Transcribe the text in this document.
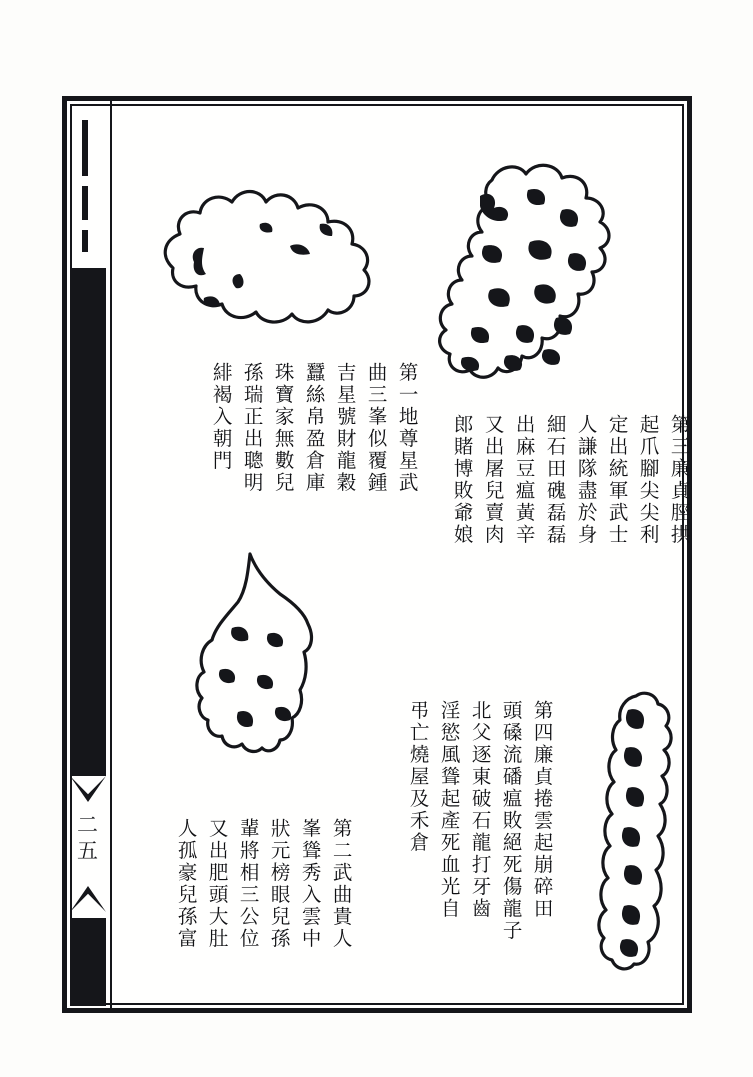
二五
第三廉貞脛拱
起爪腳尖尖利
定出統軍武士
人謙隊盡於身
細石田磈磊磊
出麻豆瘟黃辛
又出屠兒賣肉
郎賭博敗爺娘
第一地尊星武
曲三峯似覆鍾
吉星號財龍穀
蠶絲帛盈倉庫
珠寶家無數兒
孫瑞正出聰明
緋褐入朝門
第四廉貞捲雲起崩碎田
頭磉流磻瘟敗絕死傷龍子
北父逐東破石龍打牙齒
淫慾風聳起產死血光自
弔亡燒屋及禾倉
第二武曲貴人
峯聳秀入雲中
狀元榜眼兒孫
輩將相三公位
又出肥頭大肚
人孤豪兒孫富
